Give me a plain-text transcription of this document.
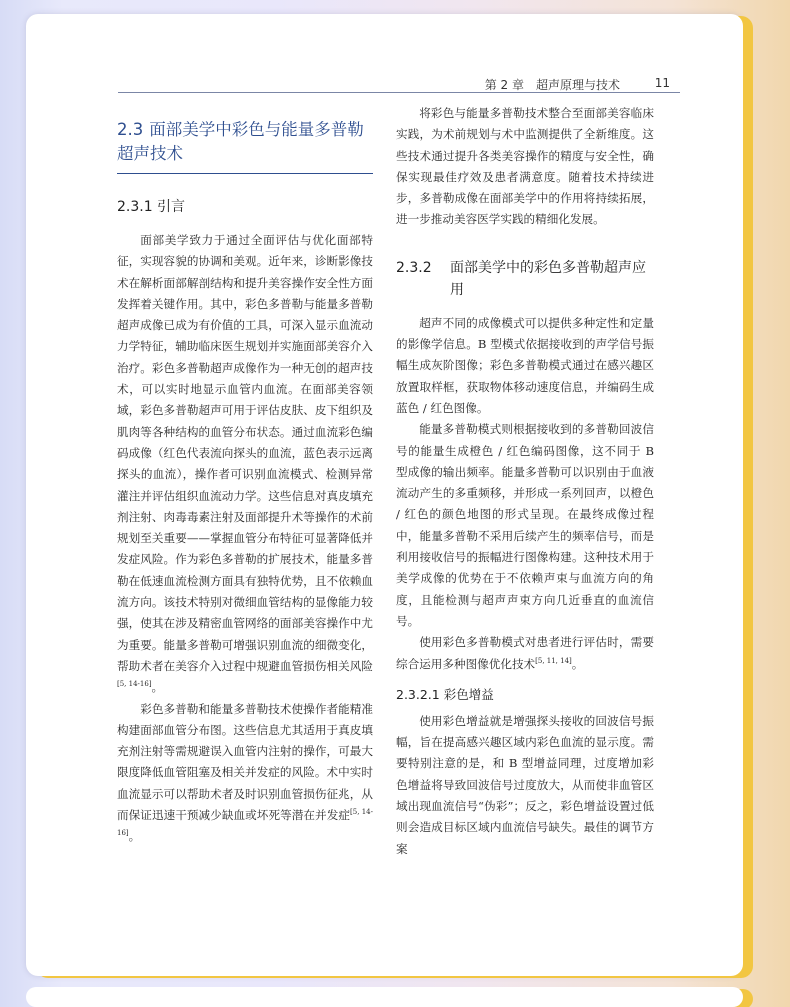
第 2 章　超声原理与技术	11
2.3 面部美学中彩色与能量多普勒超声技术
2.3.1 引言

面部美学致力于通过全面评估与优化面部特征，实现容貌的协调和美观。近年来，诊断影像技术在解析面部解剖结构和提升美容操作安全性方面发挥着关键作用。其中，彩色多普勒与能量多普勒超声成像已成为有价值的工具，可深入显示血流动力学特征，辅助临床医生规划并实施面部美容介入治疗。彩色多普勒超声成像作为一种无创的超声技术，可以实时地显示血管内血流。在面部美容领域，彩色多普勒超声可用于评估皮肤、皮下组织及肌肉等各种结构的血管分布状态。通过血流彩色编码成像（红色代表流向探头的血流，蓝色表示远离探头的血流），操作者可识别血流模式、检测异常灌注并评估组织血流动力学。这些信息对真皮填充剂注射、肉毒毒素注射及面部提升术等操作的术前规划至关重要——掌握血管分布特征可显著降低并发症风险。作为彩色多普勒的扩展技术，能量多普勒在低速血流检测方面具有独特优势，且不依赖血流方向。该技术特别对微细血管结构的显像能力较强，使其在涉及精密血管网络的面部美容操作中尤为重要。能量多普勒可增强识别血流的细微变化，帮助术者在美容介入过程中规避血管损伤相关风险[5, 14-16]。

彩色多普勒和能量多普勒技术使操作者能精准构建面部血管分布图。这些信息尤其适用于真皮填充剂注射等需规避误入血管内注射的操作，可最大限度降低血管阻塞及相关并发症的风险。术中实时血流显示可以帮助术者及时识别血管损伤征兆，从而保证迅速干预减少缺血或坏死等潜在并发症[5, 14-16]。

将彩色与能量多普勒技术整合至面部美容临床实践，为术前规划与术中监测提供了全新维度。这些技术通过提升各类美容操作的精度与安全性，确保实现最佳疗效及患者满意度。随着技术持续进步，多普勒成像在面部美学中的作用将持续拓展，进一步推动美容医学实践的精细化发展。

2.3.2	面部美学中的彩色多普勒超声应用

超声不同的成像模式可以提供多种定性和定量的影像学信息。B 型模式依据接收到的声学信号振幅生成灰阶图像；彩色多普勒模式通过在感兴趣区放置取样框，获取物体移动速度信息，并编码生成蓝色 / 红色图像。

能量多普勒模式则根据接收到的多普勒回波信号的能量生成橙色 / 红色编码图像，这不同于 B 型成像的输出频率。能量多普勒可以识别由于血液流动产生的多重频移，并形成一系列回声，以橙色 / 红色的颜色地图的形式呈现。在最终成像过程中，能量多普勒不采用后续产生的频率信号，而是利用接收信号的振幅进行图像构建。这种技术用于美学成像的优势在于不依赖声束与血流方向的角度，且能检测与超声声束方向几近垂直的血流信号。

使用彩色多普勒模式对患者进行评估时，需要综合运用多种图像优化技术[5, 11, 14]。

2.3.2.1 彩色增益

使用彩色增益就是增强探头接收的回波信号振幅，旨在提高感兴趣区域内彩色血流的显示度。需要特别注意的是，和 B 型增益同理，过度增加彩色增益将导致回波信号过度放大，从而使非血管区域出现血流信号“伪彩”；反之，彩色增益设置过低则会造成目标区域内血流信号缺失。最佳的调节方案
